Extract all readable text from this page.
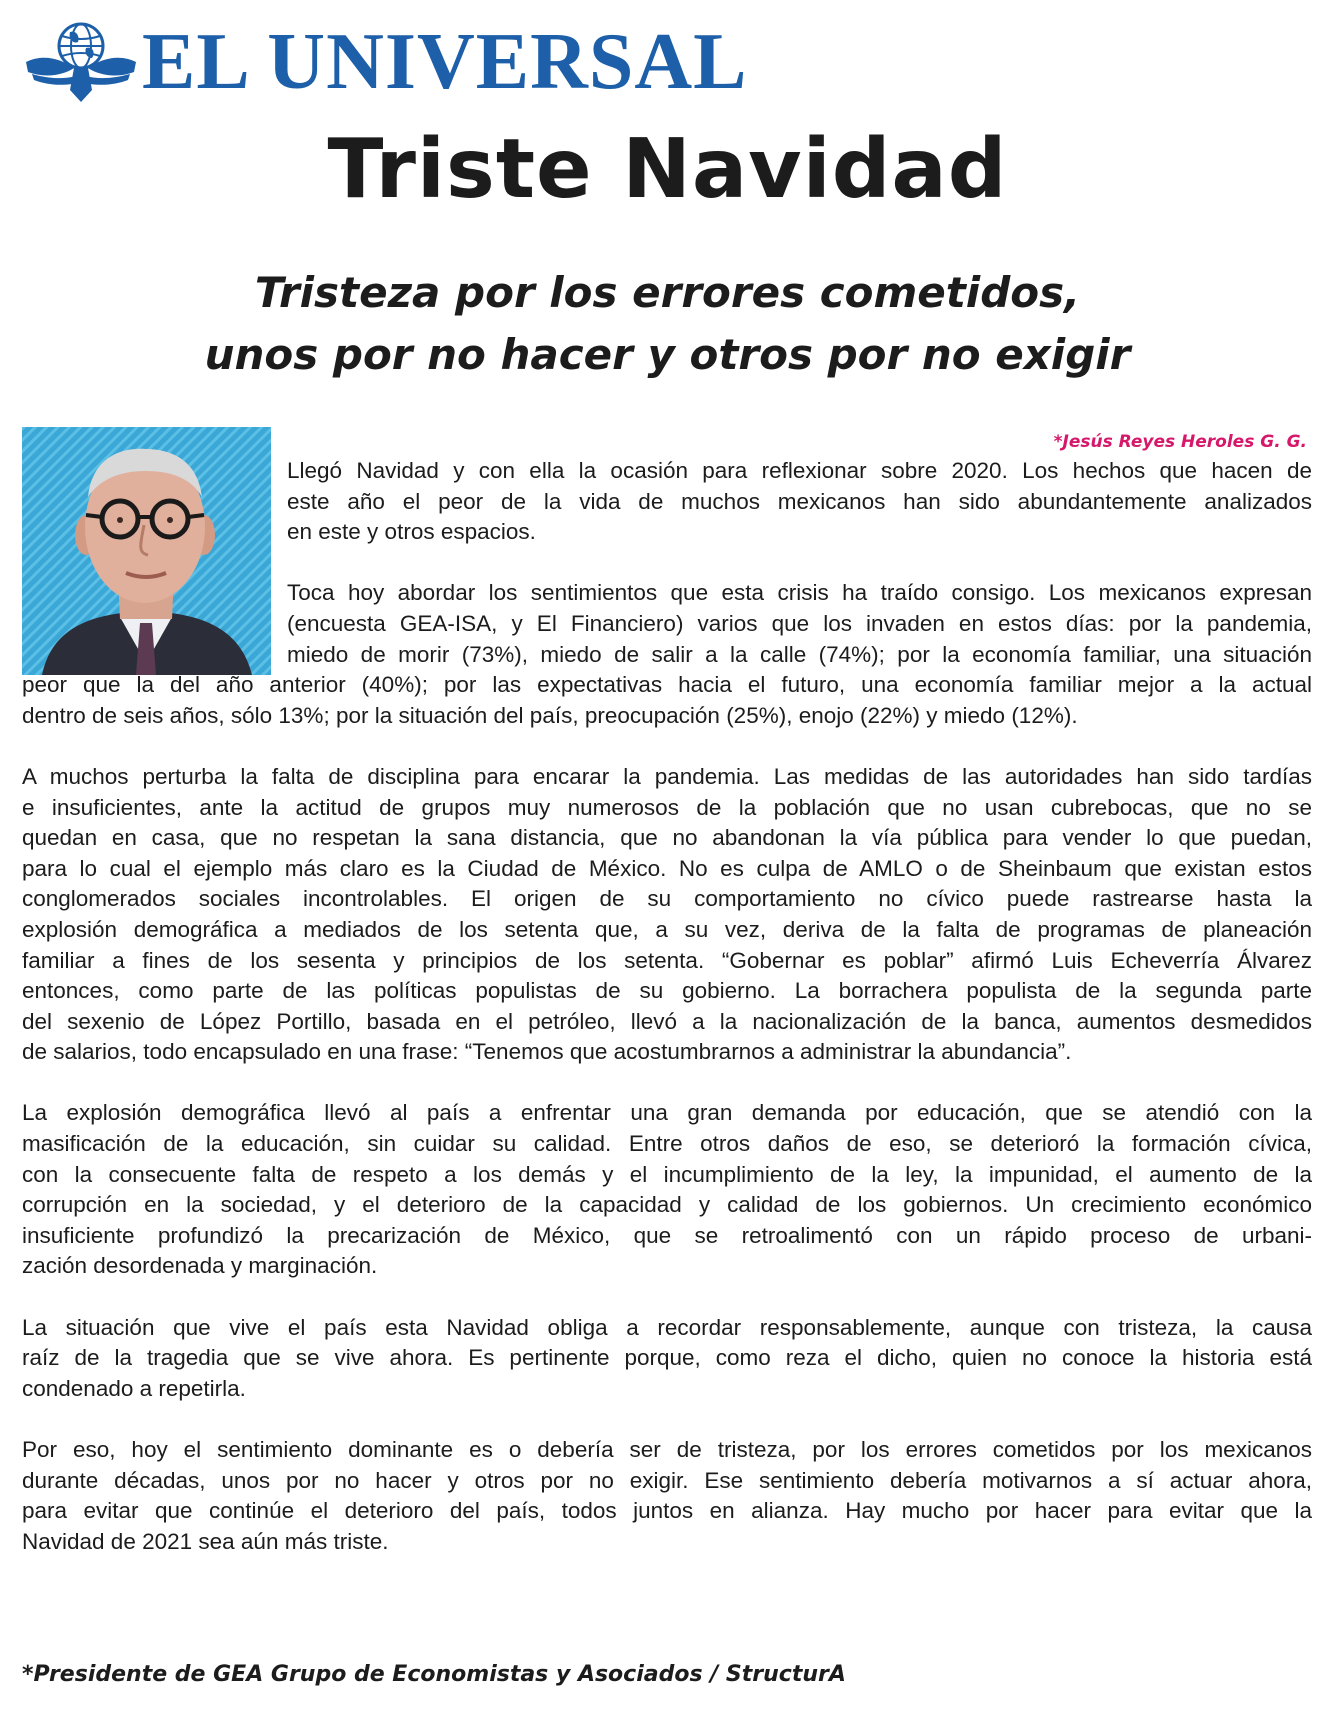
EL UNIVERSAL
Triste Navidad
Tristeza por los errores cometidos,
unos por no hacer y otros por no exigir

*Jesús Reyes Heroles G. G.

Llegó Navidad y con ella la ocasión para reflexionar sobre 2020. Los hechos que hacen de
este año el peor de la vida de muchos mexicanos han sido abundantemente analizados
en este y otros espacios.

Toca hoy abordar los sentimientos que esta crisis ha traído consigo. Los mexicanos expresan
(encuesta GEA-ISA, y El Financiero) varios que los invaden en estos días: por la pandemia,
miedo de morir (73%), miedo de salir a la calle (74%); por la economía familiar, una situación
peor que la del año anterior (40%); por las expectativas hacia el futuro, una economía familiar mejor a la actual
dentro de seis años, sólo 13%; por la situación del país, preocupación (25%), enojo (22%) y miedo (12%).

A muchos perturba la falta de disciplina para encarar la pandemia. Las medidas de las autoridades han sido tardías
e insuficientes, ante la actitud de grupos muy numerosos de la población que no usan cubrebocas, que no se
quedan en casa, que no respetan la sana distancia, que no abandonan la vía pública para vender lo que puedan,
para lo cual el ejemplo más claro es la Ciudad de México. No es culpa de AMLO o de Sheinbaum que existan estos
conglomerados sociales incontrolables. El origen de su comportamiento no cívico puede rastrearse hasta la
explosión demográfica a mediados de los setenta que, a su vez, deriva de la falta de programas de planeación
familiar a fines de los sesenta y principios de los setenta. “Gobernar es poblar” afirmó Luis Echeverría Álvarez
entonces, como parte de las políticas populistas de su gobierno. La borrachera populista de la segunda parte
del sexenio de López Portillo, basada en el petróleo, llevó a la nacionalización de la banca, aumentos desmedidos
de salarios, todo encapsulado en una frase: “Tenemos que acostumbrarnos a administrar la abundancia”.

La explosión demográfica llevó al país a enfrentar una gran demanda por educación, que se atendió con la
masificación de la educación, sin cuidar su calidad. Entre otros daños de eso, se deterioró la formación cívica,
con la consecuente falta de respeto a los demás y el incumplimiento de la ley, la impunidad, el aumento de la
corrupción en la sociedad, y el deterioro de la capacidad y calidad de los gobiernos. Un crecimiento económico
insuficiente profundizó la precarización de México, que se retroalimentó con un rápido proceso de urbani-
zación desordenada y marginación.

La situación que vive el país esta Navidad obliga a recordar responsablemente, aunque con tristeza, la causa
raíz de la tragedia que se vive ahora. Es pertinente porque, como reza el dicho, quien no conoce la historia está
condenado a repetirla.

Por eso, hoy el sentimiento dominante es o debería ser de tristeza, por los errores cometidos por los mexicanos
durante décadas, unos por no hacer y otros por no exigir. Ese sentimiento debería motivarnos a sí actuar ahora,
para evitar que continúe el deterioro del país, todos juntos en alianza. Hay mucho por hacer para evitar que la
Navidad de 2021 sea aún más triste.

*Presidente de GEA Grupo de Economistas y Asociados / StructurA
